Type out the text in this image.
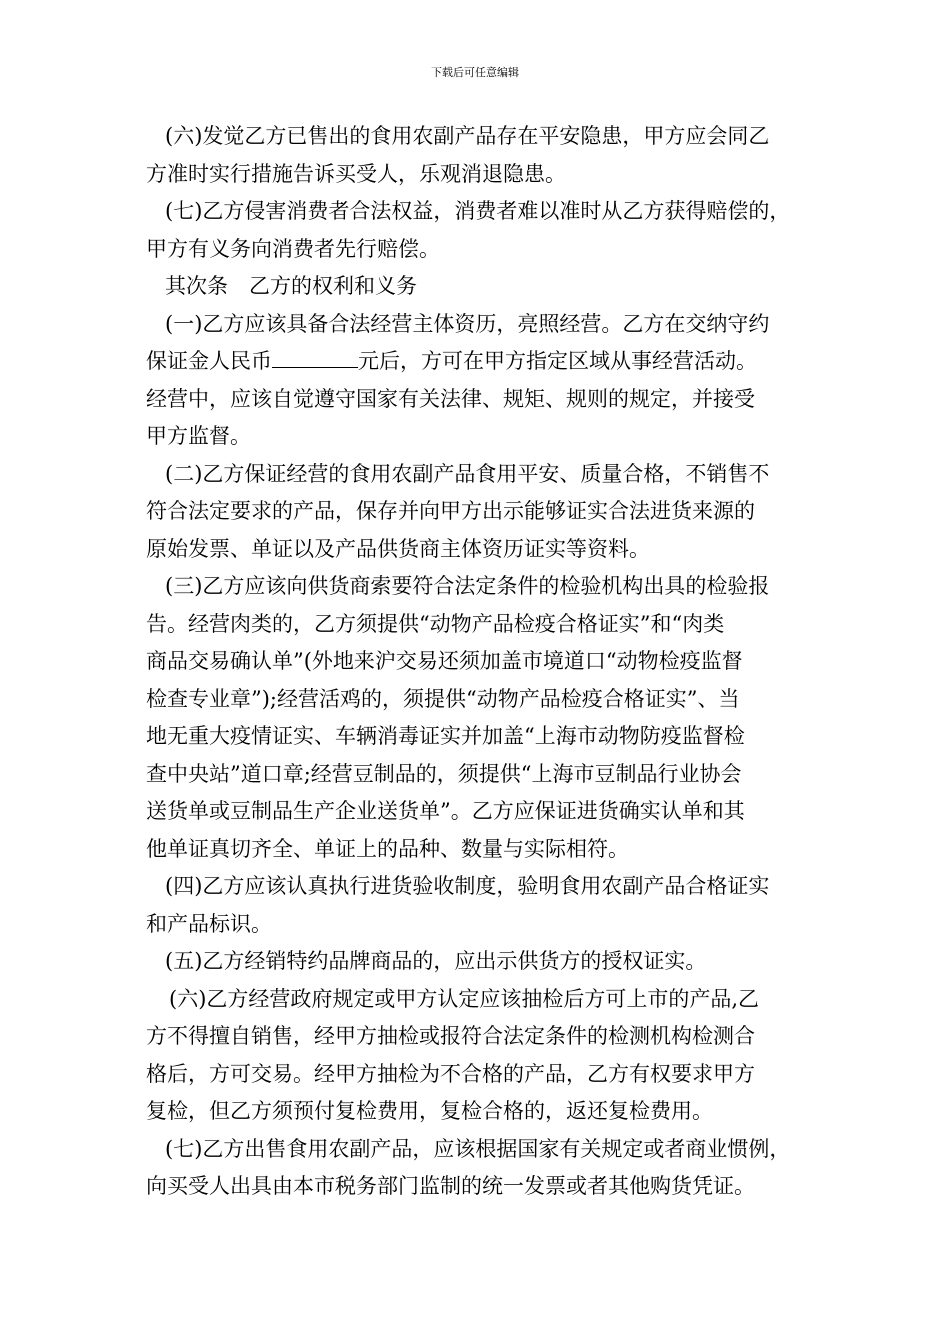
下载后可任意编辑
(六)发觉乙方已售出的食用农副产品存在平安隐患，甲方应会同乙
方准时实行措施告诉买受人，乐观消退隐患。
(七)乙方侵害消费者合法权益，消费者难以准时从乙方获得赔偿的，
甲方有义务向消费者先行赔偿。
其次条　乙方的权利和义务
(一)乙方应该具备合法经营主体资历，亮照经营。乙方在交纳守约
保证金人民币	元后，方可在甲方指定区域从事经营活动。
经营中，应该自觉遵守国家有关法律、规矩、规则的规定，并接受
甲方监督。
(二)乙方保证经营的食用农副产品食用平安、质量合格，不销售不
符合法定要求的产品，保存并向甲方出示能够证实合法进货来源的
原始发票、单证以及产品供货商主体资历证实等资料。
(三)乙方应该向供货商索要符合法定条件的检验机构出具的检验报
告。经营肉类的，乙方须提供“动物产品检疫合格证实”和“肉类
商品交易确认单”(外地来沪交易还须加盖市境道口“动物检疫监督
检查专业章”);经营活鸡的，须提供“动物产品检疫合格证实”、当
地无重大疫情证实、车辆消毒证实并加盖“上海市动物防疫监督检
查中央站”道口章;经营豆制品的，须提供“上海市豆制品行业协会
送货单或豆制品生产企业送货单”。乙方应保证进货确实认单和其
他单证真切齐全、单证上的品种、数量与实际相符。
(四)乙方应该认真执行进货验收制度，验明食用农副产品合格证实
和产品标识。
(五)乙方经销特约品牌商品的，应出示供货方的授权证实。
(六)乙方经营政府规定或甲方认定应该抽检后方可上市的产品,乙
方不得擅自销售，经甲方抽检或报符合法定条件的检测机构检测合
格后，方可交易。经甲方抽检为不合格的产品，乙方有权要求甲方
复检，但乙方须预付复检费用，复检合格的，返还复检费用。
(七)乙方出售食用农副产品，应该根据国家有关规定或者商业惯例，
向买受人出具由本市税务部门监制的统一发票或者其他购货凭证。
